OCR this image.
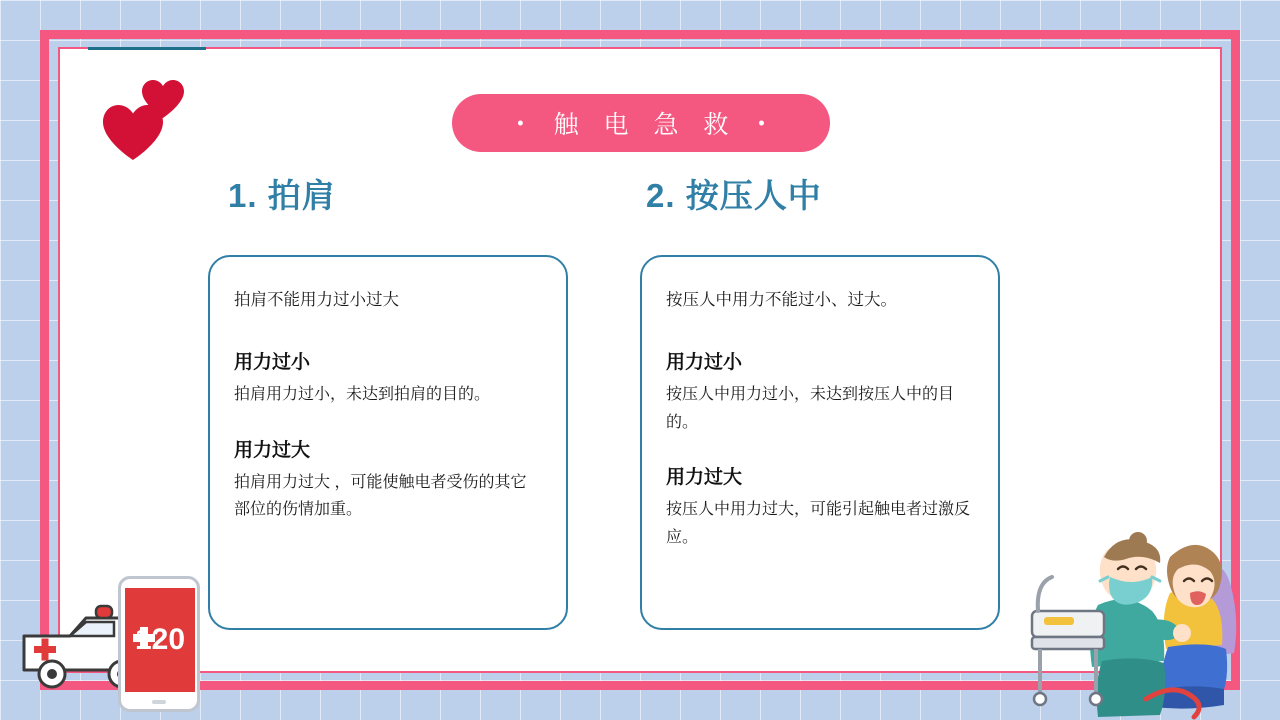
• 触 电 急 救	•
1. 拍肩

拍肩不能用力过小过大

用力过小

拍肩用力过小，未达到拍肩的目的。

用力过大

拍肩用力过大 ，可能使触电者受伤的其它部位的伤情加重。

2. 按压人中

按压人中用力不能过小、过大。

用力过小

按压人中用力过小，未达到按压人中的目的。

用力过大

按压人中用力过大，可能引起触电者过激反应。

120
